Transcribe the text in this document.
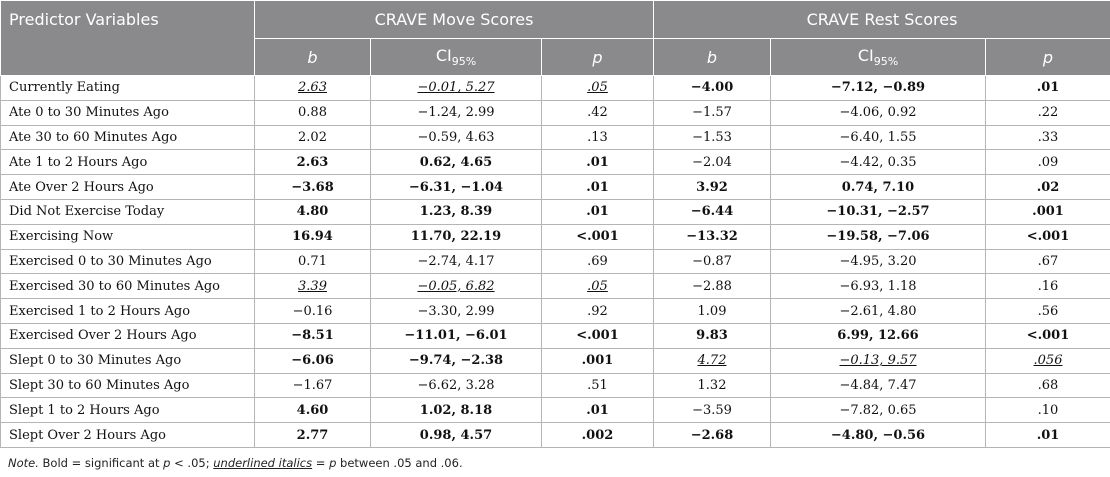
Predictor Variables	CRAVE Move Scores			CRAVE Rest Scores		
	b	$CI_{95\%}$	p	b	$CI_{95\%}$	p
Currently Eating	2.63	−0.01, 5.27	.05	−4.00	−7.12, −0.89	.01
Ate 0 to 30 Minutes Ago	0.88	−1.24, 2.99	.42	−1.57	−4.06, 0.92	.22
Ate 30 to 60 Minutes Ago	2.02	−0.59, 4.63	.13	−1.53	−6.40, 1.55	.33
Ate 1 to 2 Hours Ago	2.63	0.62, 4.65	.01	−2.04	−4.42, 0.35	.09
Ate Over 2 Hours Ago	−3.68	−6.31, −1.04	.01	3.92	0.74, 7.10	.02
Did Not Exercise Today	4.80	1.23, 8.39	.01	−6.44	−10.31, −2.57	.001
Exercising Now	16.94	11.70, 22.19	<.001	−13.32	−19.58, −7.06	<.001
Exercised 0 to 30 Minutes Ago	0.71	−2.74, 4.17	.69	−0.87	−4.95, 3.20	.67
Exercised 30 to 60 Minutes Ago	3.39	−0.05, 6.82	.05	−2.88	−6.93, 1.18	.16
Exercised 1 to 2 Hours Ago	−0.16	−3.30, 2.99	.92	1.09	−2.61, 4.80	.56
Exercised Over 2 Hours Ago	−8.51	−11.01, −6.01	<.001	9.83	6.99, 12.66	<.001
Slept 0 to 30 Minutes Ago	−6.06	−9.74, −2.38	.001	4.72	−0.13, 9.57	.056
Slept 30 to 60 Minutes Ago	−1.67	−6.62, 3.28	.51	1.32	−4.84, 7.47	.68
Slept 1 to 2 Hours Ago	4.60	1.02, 8.18	.01	−3.59	−7.82, 0.65	.10
Slept Over 2 Hours Ago	2.77	0.98, 4.57	.002	−2.68	−4.80, −0.56	.01
Note. Bold = significant at p < .05; underlined italics = p between .05 and .06.
